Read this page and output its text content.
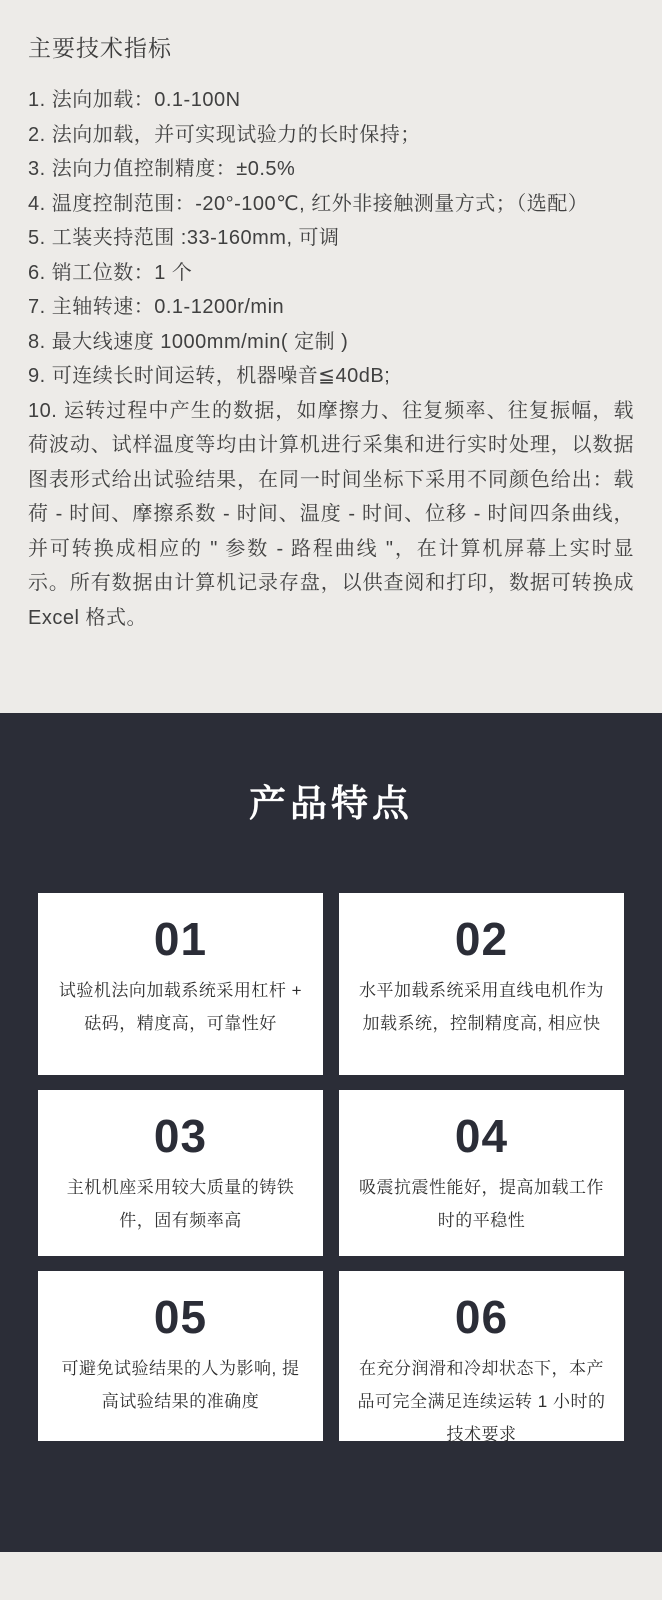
主要技术指标
1. 法向加载：0.1-100N
2. 法向加载，并可实现试验力的长时保持；
3. 法向力值控制精度：±0.5%
4. 温度控制范围：-20°-100℃, 红外非接触测量方式；（选配）
5. 工装夹持范围 :33-160mm, 可调
6. 销工位数：1 个
7. 主轴转速：0.1-1200r/min
8. 最大线速度 1000mm/min( 定制 )
9. 可连续长时间运转，机器噪音≦40dB;
10. 运转过程中产生的数据，如摩擦力、往复频率、往复振幅，载荷波动、试样温度等均由计算机进行采集和进行实时处理，以数据图表形式给出试验结果，在同一时间坐标下采用不同颜色给出：载荷 - 时间、摩擦系数 - 时间、温度 - 时间、位移 - 时间四条曲线，并可转换成相应的 " 参数 - 路程曲线 "，在计算机屏幕上实时显示。所有数据由计算机记录存盘，以供查阅和打印，数据可转换成 Excel 格式。
产品特点
01
试验机法向加载系统采用杠杆 + 砝码，精度高，可靠性好
02
水平加载系统采用直线电机作为加载系统，控制精度高, 相应快
03
主机机座采用较大质量的铸铁件，固有频率高
04
吸震抗震性能好，提高加载工作时的平稳性
05
可避免试验结果的人为影响, 提高试验结果的准确度
06
在充分润滑和冷却状态下，本产品可完全满足连续运转 1 小时的技术要求
